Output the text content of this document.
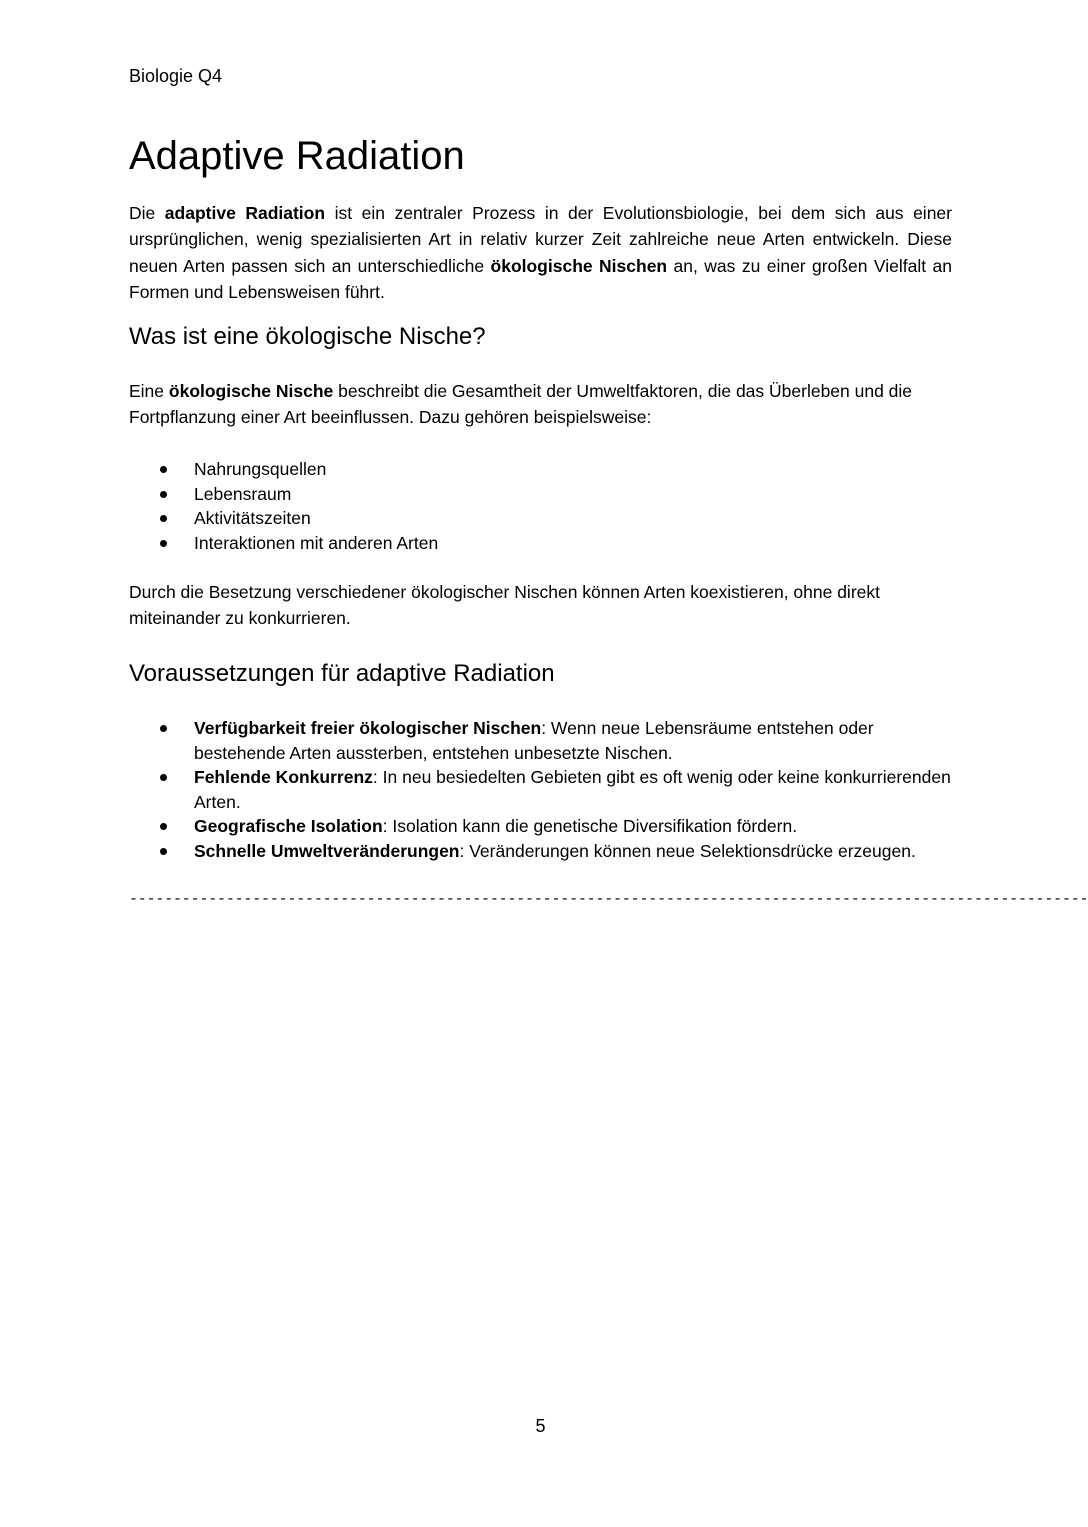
Biologie Q4
Adaptive Radiation

Die adaptive Radiation ist ein zentraler Prozess in der Evolutionsbiologie, bei dem sich aus einer ursprünglichen, wenig spezialisierten Art in relativ kurzer Zeit zahlreiche neue Arten entwickeln. Diese neuen Arten passen sich an unterschiedliche ökologische Nischen an, was zu einer großen Vielfalt an Formen und Lebensweisen führt.

Was ist eine ökologische Nische?

Eine ökologische Nische beschreibt die Gesamtheit der Umweltfaktoren, die das Überleben und die Fortpflanzung einer Art beeinflussen. Dazu gehören beispielsweise:

Nahrungsquellen
Lebensraum
Aktivitätszeiten
Interaktionen mit anderen Arten

Durch die Besetzung verschiedener ökologischer Nischen können Arten koexistieren, ohne direkt miteinander zu konkurrieren.

Voraussetzungen für adaptive Radiation
Verfügbarkeit freier ökologischer Nischen: Wenn neue Lebensräume entstehen oder bestehende Arten aussterben, entstehen unbesetzte Nischen.
Fehlende Konkurrenz: In neu besiedelten Gebieten gibt es oft wenig oder keine konkurrierenden Arten.
Geografische Isolation: Isolation kann die genetische Diversifikation fördern.
Schnelle Umweltveränderungen: Veränderungen können neue Selektionsdrücke erzeugen.
-------------------------------------------------------------------------------------------------------------
5
